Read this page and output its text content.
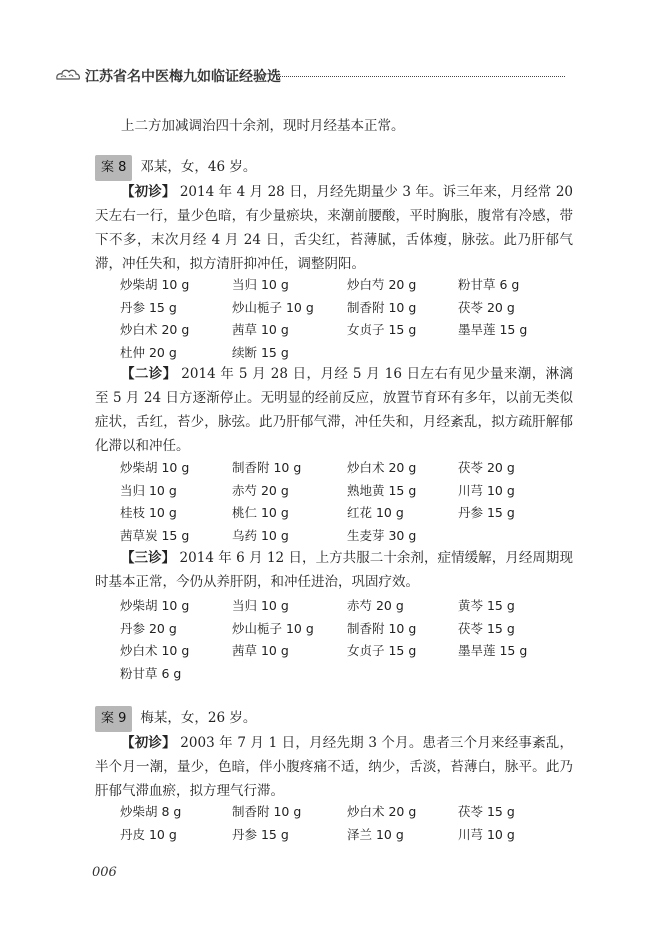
江苏省名中医梅九如临证经验选

上二方加减调治四十余剂，现时月经基本正常。

案 8 邓某，女，46 岁。

【初诊】 2014 年 4 月 28 日，月经先期量少 3 年。诉三年来，月经常 20 天左右一行，量少色暗，有少量瘀块，来潮前腰酸，平时胸胀，腹常有冷感，带下不多，末次月经 4 月 24 日，舌尖红，苔薄腻，舌体瘦，脉弦。此乃肝郁气滞，冲任失和，拟方清肝抑冲任，调整阴阳。

炒柴胡 10 g	当归 10 g	炒白芍 20 g	粉甘草 6 g
丹参 15 g	炒山栀子 10 g	制香附 10 g	茯苓 20 g
炒白术 20 g	茜草 10 g	女贞子 15 g	墨旱莲 15 g
杜仲 20 g	续断 15 g

【二诊】 2014 年 5 月 28 日，月经 5 月 16 日左右有见少量来潮，淋漓至 5 月 24 日方逐渐停止。无明显的经前反应，放置节育环有多年，以前无类似症状，舌红，苔少，脉弦。此乃肝郁气滞，冲任失和，月经紊乱，拟方疏肝解郁化滞以和冲任。

炒柴胡 10 g	制香附 10 g	炒白术 20 g	茯苓 20 g
当归 10 g	赤芍 20 g	熟地黄 15 g	川芎 10 g
桂枝 10 g	桃仁 10 g	红花 10 g	丹参 15 g
茜草炭 15 g	乌药 10 g	生麦芽 30 g

【三诊】 2014 年 6 月 12 日，上方共服二十余剂，症情缓解，月经周期现时基本正常，今仍从养肝阴，和冲任进治，巩固疗效。

炒柴胡 10 g	当归 10 g	赤芍 20 g	黄芩 15 g
丹参 20 g	炒山栀子 10 g	制香附 10 g	茯苓 15 g
炒白术 10 g	茜草 10 g	女贞子 15 g	墨旱莲 15 g
粉甘草 6 g
案 9 梅某，女，26 岁。

【初诊】 2003 年 7 月 1 日，月经先期 3 个月。患者三个月来经事紊乱，半个月一潮，量少，色暗，伴小腹疼痛不适，纳少，舌淡，苔薄白，脉平。此乃肝郁气滞血瘀，拟方理气行滞。

炒柴胡 8 g	制香附 10 g	炒白术 20 g	茯苓 15 g
丹皮 10 g	丹参 15 g	泽兰 10 g	川芎 10 g
006
